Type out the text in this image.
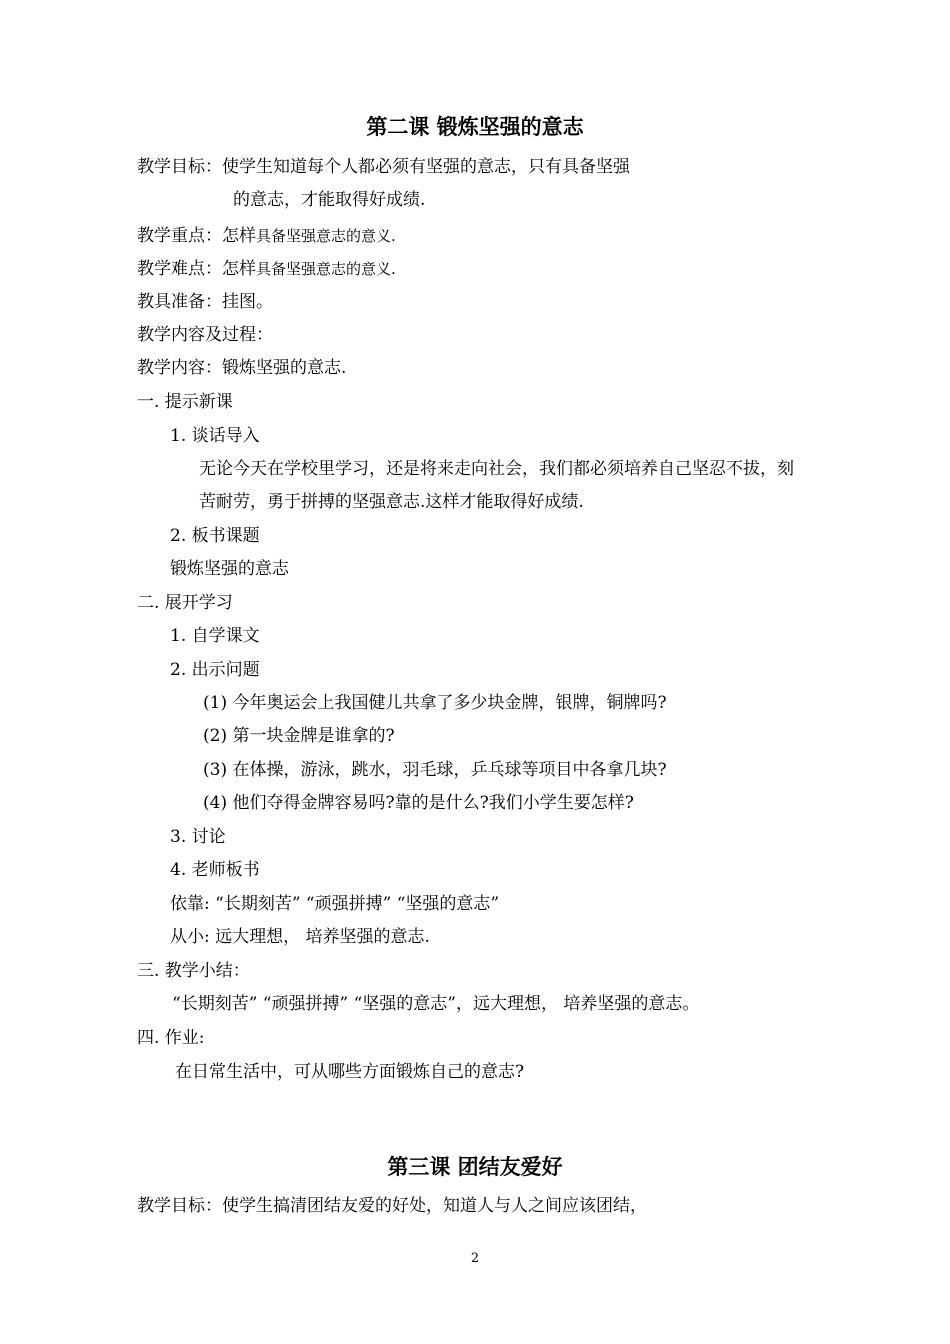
第二课 锻炼坚强的意志
教学目标：使学生知道每个人都必须有坚强的意志，只有具备坚强
的意志，才能取得好成绩.
教学重点：怎样具备坚强意志的意义.
教学难点：怎样具备坚强意志的意义.
教具准备：挂图。
教学内容及过程：
教学内容：锻炼坚强的意志.
一. 提示新课
1. 谈话导入
无论今天在学校里学习，还是将来走向社会，我们都必须培养自己坚忍不拔，刻
苦耐劳，勇于拼搏的坚强意志.这样才能取得好成绩.
2. 板书课题
锻炼坚强的意志
二. 展开学习
1. 自学课文
2. 出示问题
(1) 今年奥运会上我国健儿共拿了多少块金牌，银牌，铜牌吗?
(2) 第一块金牌是谁拿的?
(3) 在体操，游泳，跳水，羽毛球，乒乓球等项目中各拿几块?
(4) 他们夺得金牌容易吗?靠的是什么?我们小学生要怎样?
3. 讨论
4. 老师板书
依靠: “长期刻苦” “顽强拼搏” “坚强的意志”
从小: 远大理想， 培养坚强的意志.
三. 教学小结：
“长期刻苦” “顽强拼搏” “坚强的意志”，远大理想， 培养坚强的意志。
四. 作业:
在日常生活中，可从哪些方面锻炼自己的意志?
第三课 团结友爱好
教学目标：使学生搞清团结友爱的好处，知道人与人之间应该团结，
2
